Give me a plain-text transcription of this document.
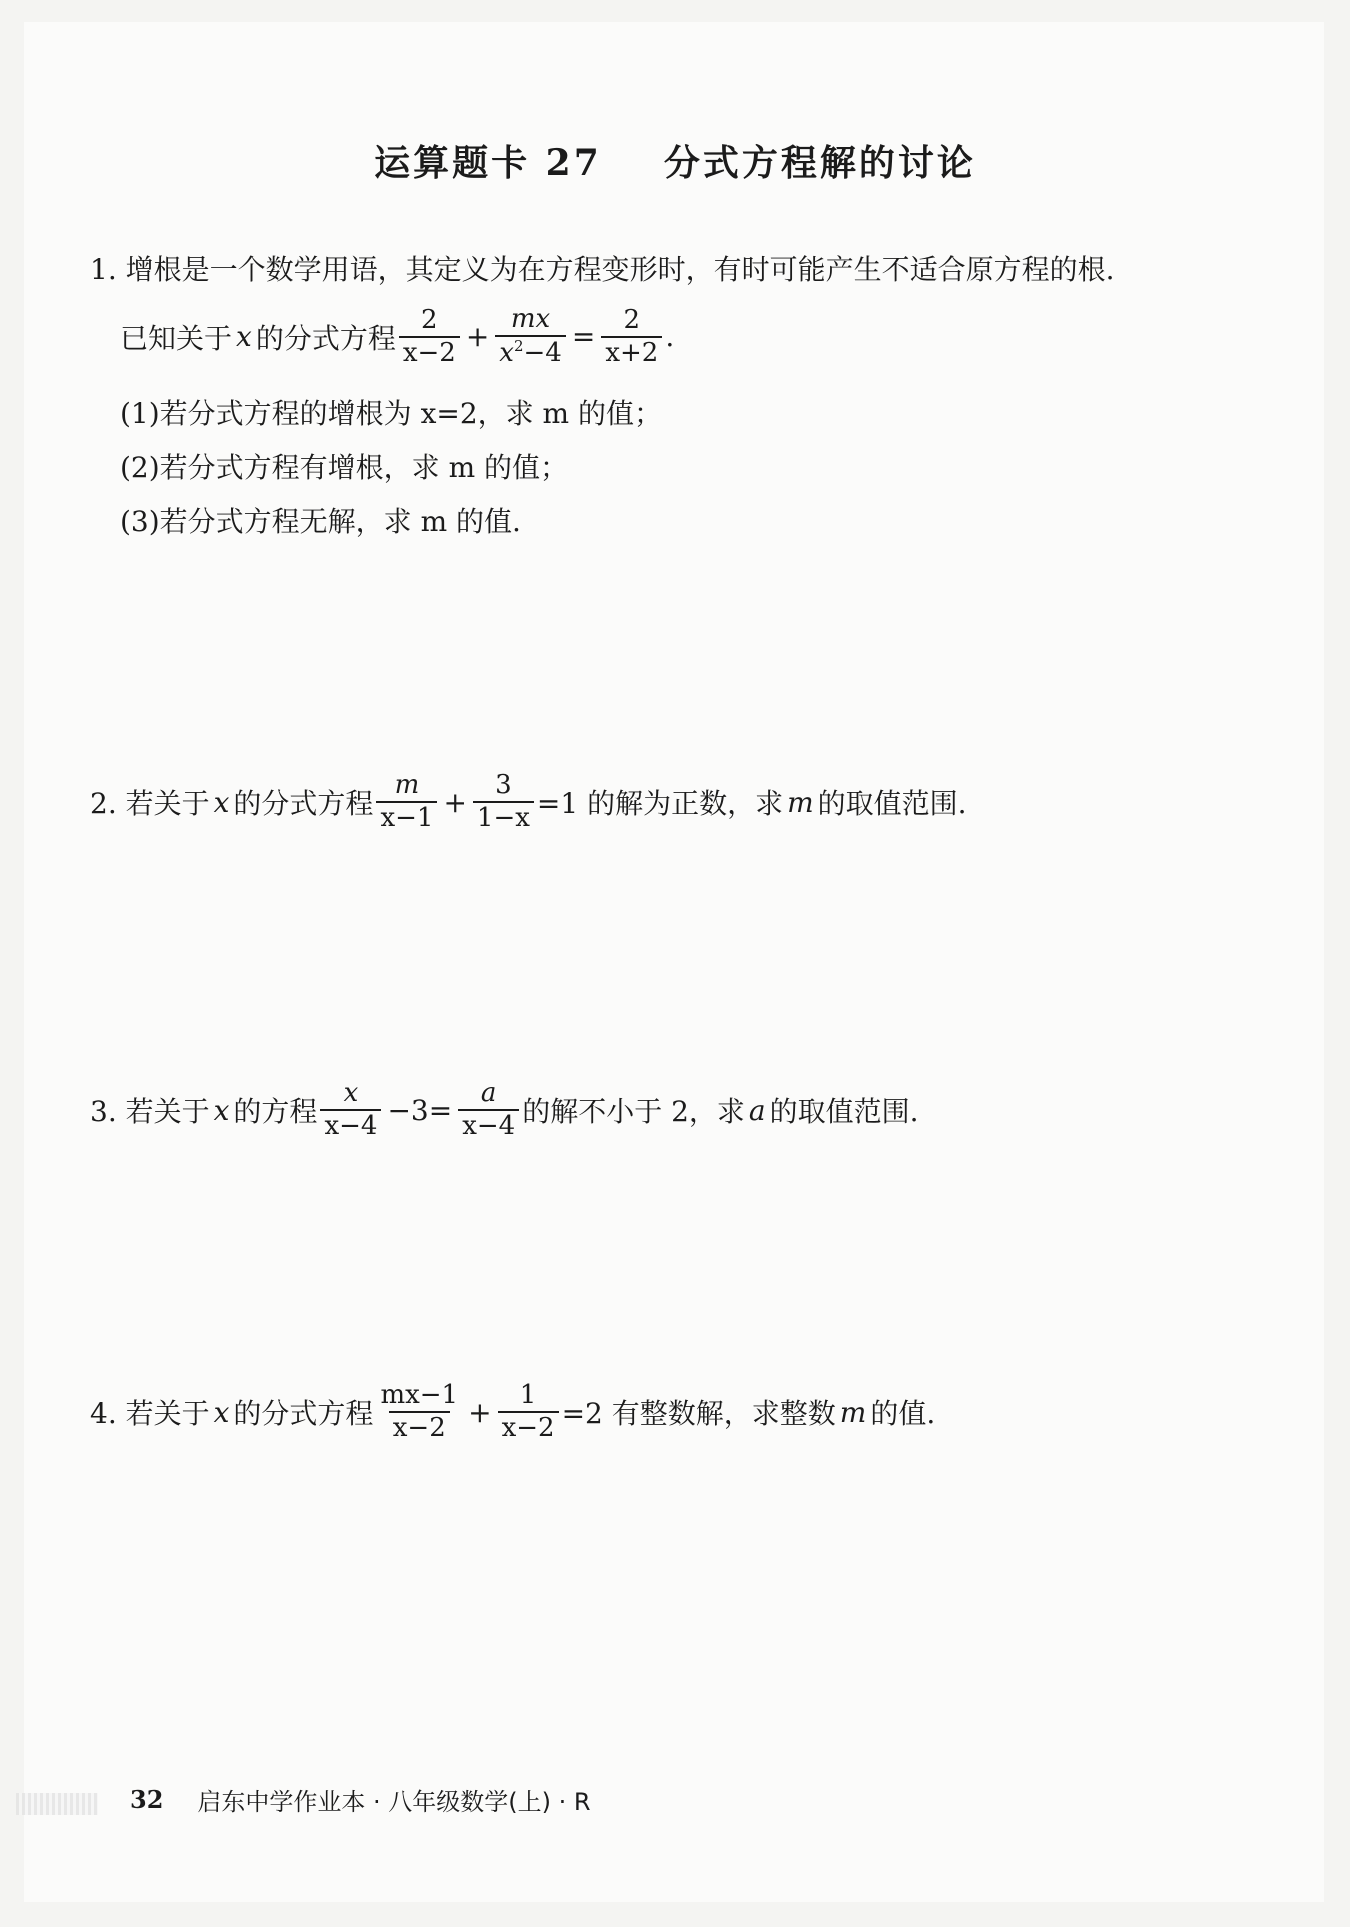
运算题卡 27    分式方程解的讨论
1. 增根是一个数学用语，其定义为在方程变形时，有时可能产生不适合原方程的根.
已知关于 x 的分式方程 $\frac{2}{x-2} + \frac{mx}{x^2-4} = \frac{2}{x+2}$ .
(1)若分式方程的增根为 x=2，求 m 的值；
(2)若分式方程有增根，求 m 的值；
(3)若分式方程无解，求 m 的值.
2. 若关于 x 的分式方程 $\frac{m}{x-1} + \frac{3}{1-x} =1$ 的解为正数，求 m 的取值范围.
3. 若关于 x 的方程 $\frac{x}{x-4} -3= \frac{a}{x-4}$ 的解不小于 2，求 a 的取值范围.
4. 若关于 x 的分式方程 $\frac{mx-1}{x-2} + \frac{1}{x-2} =2$ 有整数解，求整数 m 的值.
32 启东中学作业本 · 八年级数学(上) · R
